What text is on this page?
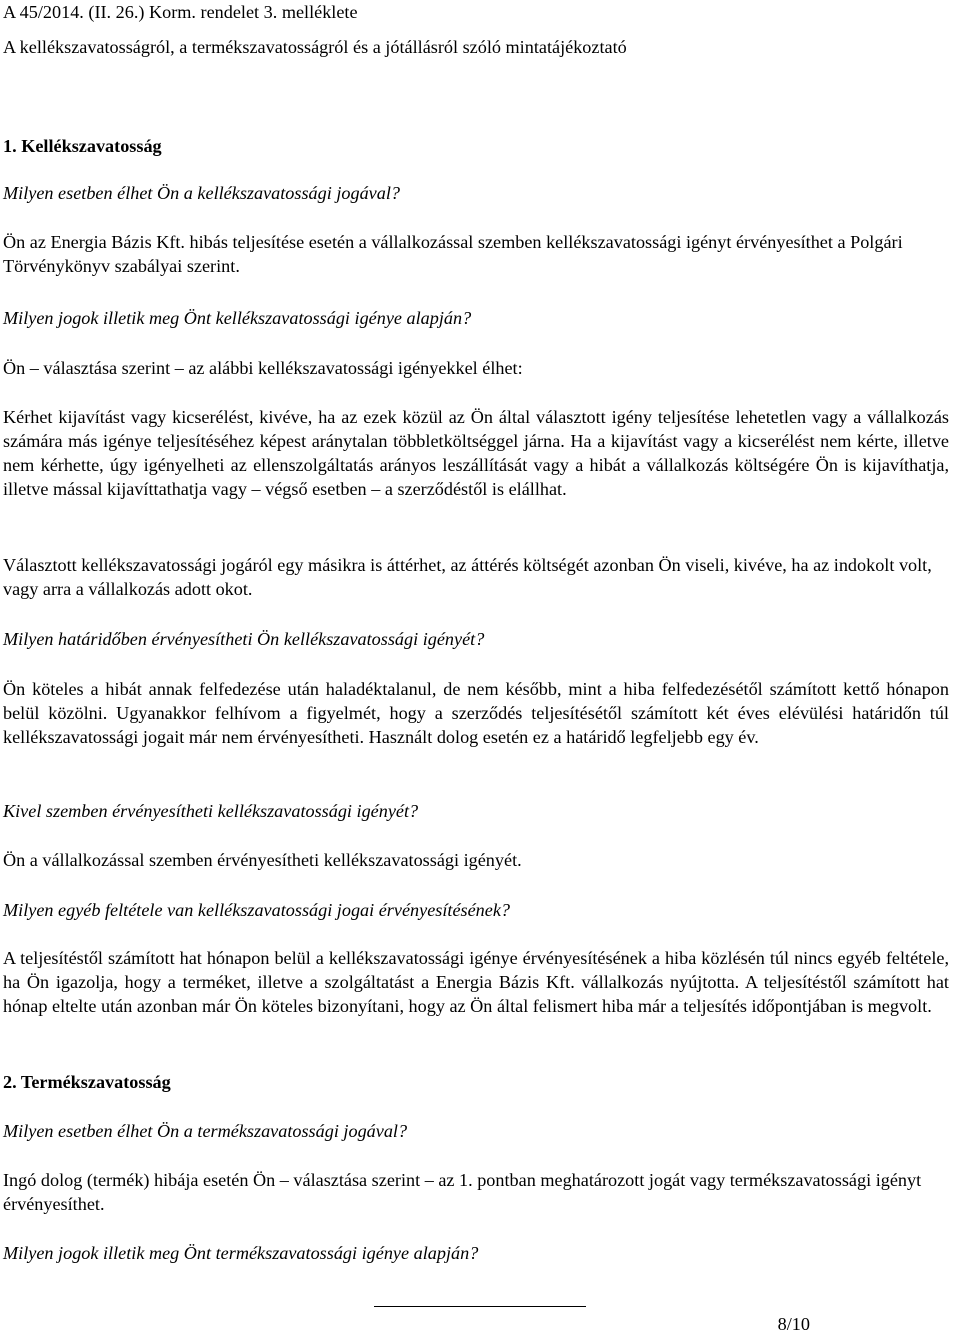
A 45/2014. (II. 26.) Korm. rendelet 3. melléklete

A kellékszavatosságról, a termékszavatosságról és a jótállásról szóló mintatájékoztató

1. Kellékszavatosság

Milyen esetben élhet Ön a kellékszavatossági jogával?

Ön az Energia Bázis Kft. hibás teljesítése esetén a vállalkozással szemben kellékszavatossági igényt érvényesíthet a Polgári Törvénykönyv szabályai szerint.

Milyen jogok illetik meg Önt kellékszavatossági igénye alapján?

Ön – választása szerint – az alábbi kellékszavatossági igényekkel élhet:

Kérhet kijavítást vagy kicserélést, kivéve, ha az ezek közül az Ön által választott igény teljesítése lehetetlen vagy a vállalkozás számára más igénye teljesítéséhez képest aránytalan többletköltséggel járna. Ha a kijavítást vagy a kicserélést nem kérte, illetve nem kérhette, úgy igényelheti az ellenszolgáltatás arányos leszállítását vagy a hibát a vállalkozás költségére Ön is kijavíthatja, illetve mással kijavíttathatja vagy – végső esetben – a szerződéstől is elállhat.

Választott kellékszavatossági jogáról egy másikra is áttérhet, az áttérés költségét azonban Ön viseli, kivéve, ha az indokolt volt, vagy arra a vállalkozás adott okot.

Milyen határidőben érvényesítheti Ön kellékszavatossági igényét?

Ön köteles a hibát annak felfedezése után haladéktalanul, de nem később, mint a hiba felfedezésétől számított kettő hónapon belül közölni. Ugyanakkor felhívom a figyelmét, hogy a szerződés teljesítésétől számított két éves elévülési határidőn túl kellékszavatossági jogait már nem érvényesítheti. Használt dolog esetén ez a határidő legfeljebb egy év.

Kivel szemben érvényesítheti kellékszavatossági igényét?

Ön a vállalkozással szemben érvényesítheti kellékszavatossági igényét.

Milyen egyéb feltétele van kellékszavatossági jogai érvényesítésének?

A teljesítéstől számított hat hónapon belül a kellékszavatossági igénye érvényesítésének a hiba közlésén túl nincs egyéb feltétele, ha Ön igazolja, hogy a terméket, illetve a szolgáltatást a Energia Bázis Kft. vállalkozás nyújtotta. A teljesítéstől számított hat hónap eltelte után azonban már Ön köteles bizonyítani, hogy az Ön által felismert hiba már a teljesítés időpontjában is megvolt.

2. Termékszavatosság

Milyen esetben élhet Ön a termékszavatossági jogával?

Ingó dolog (termék) hibája esetén Ön – választása szerint – az 1. pontban meghatározott jogát vagy termékszavatossági igényt érvényesíthet.

Milyen jogok illetik meg Önt termékszavatossági igénye alapján?

8/10
